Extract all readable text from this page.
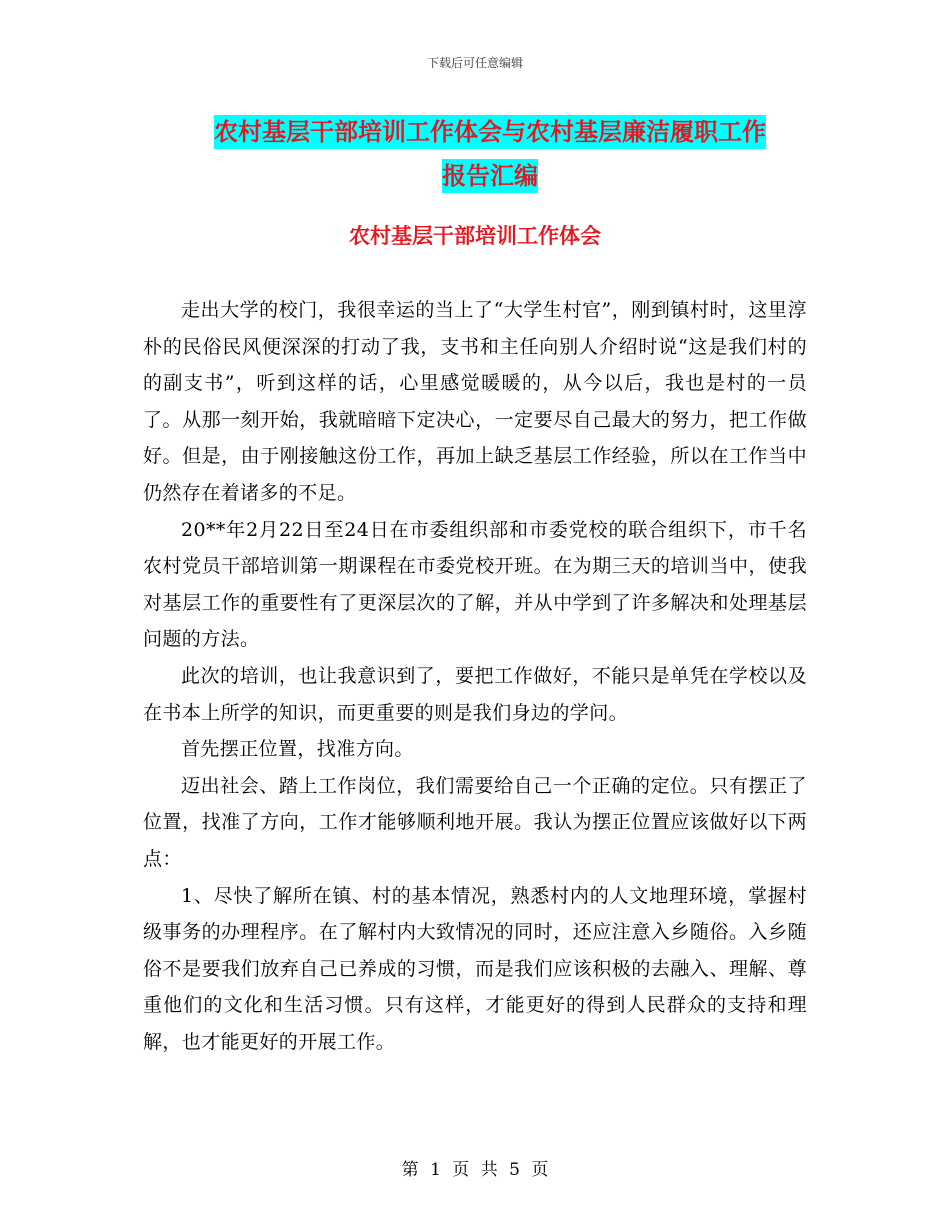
下载后可任意编辑
农村基层干部培训工作体会与农村基层廉洁履职工作
报告汇编
农村基层干部培训工作体会

走出大学的校门，我很幸运的当上了“大学生村官”，刚到镇村时，这里淳朴的民俗民风便深深的打动了我，支书和主任向别人介绍时说“这是我们村的的副支书”，听到这样的话，心里感觉暖暖的，从今以后，我也是村的一员了。从那一刻开始，我就暗暗下定决心，一定要尽自己最大的努力，把工作做好。但是，由于刚接触这份工作，再加上缺乏基层工作经验，所以在工作当中仍然存在着诸多的不足。

20**年2月22日至24日在市委组织部和市委党校的联合组织下，市千名农村党员干部培训第一期课程在市委党校开班。在为期三天的培训当中，使我对基层工作的重要性有了更深层次的了解，并从中学到了许多解决和处理基层问题的方法。

此次的培训，也让我意识到了，要把工作做好，不能只是单凭在学校以及在书本上所学的知识，而更重要的则是我们身边的学问。

首先摆正位置，找准方向。

迈出社会、踏上工作岗位，我们需要给自己一个正确的定位。只有摆正了位置，找准了方向，工作才能够顺利地开展。我认为摆正位置应该做好以下两点：

1、尽快了解所在镇、村的基本情况，熟悉村内的人文地理环境，掌握村级事务的办理程序。在了解村内大致情况的同时，还应注意入乡随俗。入乡随俗不是要我们放弃自己已养成的习惯，而是我们应该积极的去融入、理解、尊重他们的文化和生活习惯。只有这样，才能更好的得到人民群众的支持和理解，也才能更好的开展工作。

第 1 页 共 5 页
